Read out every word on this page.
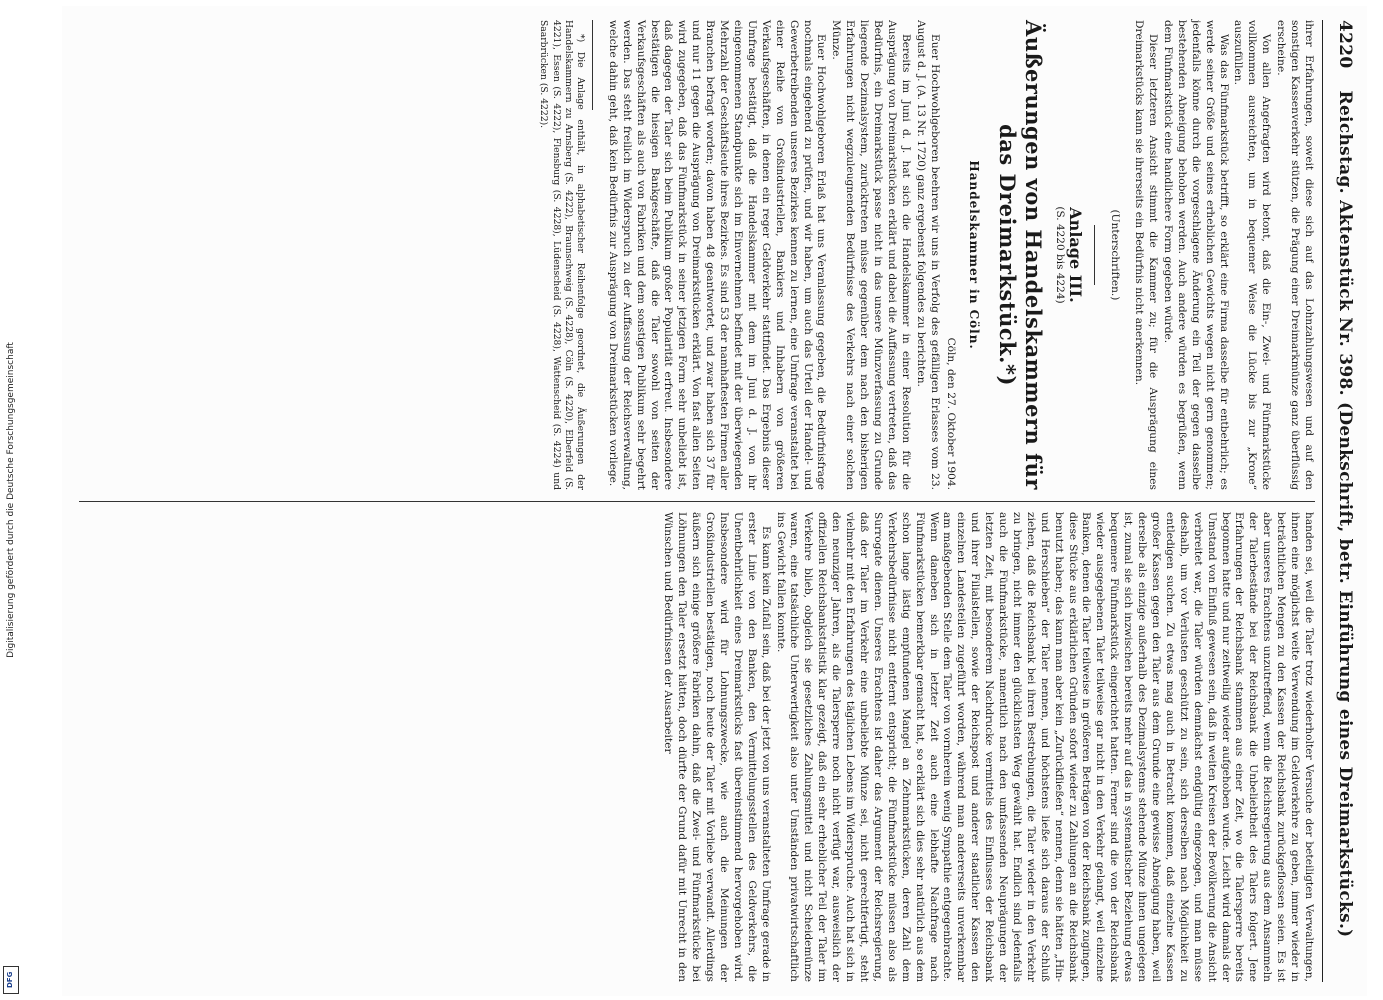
Digitalisierung gefördert durch die Deutsche Forschungsgemeinschaft
DFG
4220
Reichstag. Aktenstück Nr. 398. (Denkschrift, betr. Einführung eines Dreimarkstücks.)

ihrer Erfahrungen, soweit diese sich auf das Lohnzahlungswesen und auf den sonstigen Kassenverkehr stützen, die Prägung einer Dreimarkmünze ganz überflüssig erscheine.

Von allen Angefragten wird betont, daß die Ein-, Zwei- und Fünfmarkstücke vollkommen ausreichten, um in bequemer Weise die Lücke bis zur „Krone“ auszufüllen.

Was das Fünfmarkstück betrifft, so erklärt eine Firma dasselbe für entbehrlich; es werde seiner Größe und seines erheblichen Gewichts wegen nicht gern genommen; jedenfalls könne durch die vorgeschlagene Änderung ein Teil der gegen dasselbe bestehenden Abneigung behoben werden. Auch andere würden es begrüßen, wenn dem Fünfmarkstück eine handlichere Form gegeben würde.

Dieser letzteren Ansicht stimmt die Kammer zu; für die Ausprägung eines Dreimarkstücks kann sie ihrerseits ein Bedürfnis nicht anerkennen.

(Unterschriften.)
Anlage III.
(S. 4220 bis 4224)
Äußerungen von Handelskammern für das Dreimarkstück.*)
Handelskammer in Cöln.
Cöln, den 27. Oktober 1904.

Euer Hochwohlgeboren beehren wir uns in Verfolg des gefälligen Erlasses vom 23. August d. J. (A. 13 Nr. 1720) ganz ergebenst folgendes zu berichten.

Bereits im Juni d. J. hat sich die Handelskammer in einer Resolution für die Ausprägung von Dreimarkstücken erklärt und dabei die Auffassung vertreten, daß das Bedürfnis, ein Dreimarkstück passe nicht in das unsere Münzverfassung zu Grunde liegende Dezimalsystem, zurücktreten müsse gegenüber dem nach den bisherigen Erfahrungen nicht wegzuleugnenden Bedürfnisse des Verkehrs nach einer solchen Münze.

Euer Hochwohlgeboren Erlaß hat uns Veranlassung gegeben, die Bedürfnisfrage nochmals eingehend zu prüfen, und wir haben, um auch das Urteil der Handel- und Gewerbetreibenden unseres Bezirkes kennen zu lernen, eine Umfrage veranstaltet bei einer Reihe von Großindustriellen, Bankiers und Inhabern von größeren Verkaufsgeschäften, in denen ein reger Geldverkehr stattfindet. Das Ergebnis dieser Umfrage bestätigt, daß die Handelskammer mit dem im Juni d. J. von ihr eingenommenen Standpunkte sich im Einvernehmen befindet mit der überwiegenden Mehrzahl der Geschäftsleute ihres Bezirkes. Es sind 53 der namhaftesten Firmen aller Branchen befragt worden; davon haben 48 geantwortet, und zwar haben sich 37 für und nur 11 gegen die Ausprägung von Dreimarkstücken erklärt. Von fast allen Seiten wird zugegeben, daß das Fünfmarkstück in seiner jetzigen Form sehr unbeliebt ist, daß dagegen der Taler sich beim Publikum großer Popularität erfreut. Insbesondere bestätigen die hiesigen Bankgeschäfte, daß die Taler sowohl von seiten der Verkaufsgeschäften als auch von Fabriken und dem sonstigen Publikum sehr begehrt werden. Das steht freilich im Widerspruch zu der Auffassung der Reichsverwaltung, welche dahin geht, daß kein Bedürfnis zur Ausprägung von Dreimarkstücken vorliege.

*) Die Anlage enthält, in alphabetischer Reihenfolge geordnet, die Äußerungen der Handelskammern zu Arnsberg (S. 4222), Braunschweig (S. 4228), Cöln (S. 4220), Elberfeld (S. 4221), Essen (S. 4222), Flensburg (S. 4228), Lüdenscheid (S. 4228), Wattenscheid (S. 4224) und Saarbrücken (S. 4222).

handen sei, weil die Taler trotz wiederholter Versuche der beteiligten Verwaltungen, ihnen eine möglichst weite Verwendung im Geldverkehre zu geben, immer wieder in beträchtlichen Mengen zu den Kassen der Reichsbank zurückgeflossen seien. Es ist aber unseres Erachtens unzutreffend, wenn die Reichsregierung aus dem Ansammeln der Talerbestände bei der Reichsbank die Unbeliebtheit des Talers folgert. Jene Erfahrungen der Reichsbank stammen aus einer Zeit, wo die Talersperre bereits begonnen hatte und nur zeitweilig wieder aufgehoben wurde. Leicht wird damals der Umstand von Einfluß gewesen sein, daß in weiten Kreisen der Bevölkerung die Ansicht verbreitet war, die Taler würden demnächst endgültig eingezogen, und man müsse deshalb, um vor Verlusten geschützt zu sein, sich derselben nach Möglichkeit zu entledigen suchen. Zu etwas mag auch in Betracht kommen, daß einzelne Kassen großer Kassen gegen den Taler aus dem Grunde eine gewisse Abneigung haben, weil derselbe als einzige außerhalb des Dezimalsystems stehende Münze ihnen ungelegen ist, zumal sie sich inzwischen bereits mehr auf das in systematischer Beziehung etwas bequemere Fünfmarkstück eingerichtet hatten. Ferner sind die von der Reichsbank wieder ausgegebenen Taler teilweise gar nicht in den Verkehr gelangt, weil einzelne Banken, denen die Taler teilweise in größeren Beträgen von der Reichsbank zugingen, diese Stücke aus erklärlichen Gründen sofort wieder zu Zahlungen an die Reichsbank benutzt haben; das kann man aber kein „Zurückfließen“ nennen, denn sie hätten „Hin- und Herschieben“ der Taler nennen, und höchstens ließe sich daraus der Schluß ziehen, daß die Reichsbank bei ihren Bestrebungen, die Taler wieder in den Verkehr zu bringen, nicht immer den glücklichsten Weg gewählt hat. Endlich sind jedenfalls auch die Fünfmarkstücke, namentlich nach den umfassenden Neuprägungen der letzten Zeit, mit besonderem Nachdrucke vermittels des Einflusses der Reichsbank und ihrer Filialstellen, sowie der Reichspost und anderer staatlicher Kassen den einzelnen Landesteilen zugeführt worden, während man andererseits unverkennbar am maßgebenden Stelle dem Taler von vornherein wenig Sympathie entgegenbrachte. Wenn daneben sich in letzter Zeit auch eine lebhafte Nachfrage nach Fünfmarkstücken bemerkbar gemacht hat, so erklärt sich dies sehr natürlich aus dem schon lange lästig empfundenen Mangel an Zehnmarkstücken, deren Zahl dem Verkehrsbedürfnisse nicht entfernt entspricht; die Fünfmarkstücke müssen also als Surrogate dienen. Unseres Erachtens ist daher das Argument der Reichsregierung, daß der Taler im Verkehr eine unbeliebte Münze sei, nicht gerechtfertigt, steht vielmehr mit den Erfahrungen des täglichen Lebens im Widerspruche. Auch hat sich in den neunziger Jahren, als die Talersperre noch nicht verfügt war, ausweislich der offiziellen Reichsbankstatistik klar gezeigt, daß ein sehr erheblicher Teil der Taler im Verkehre blieb, obgleich sie gesetzliches Zahlungsmittel und nicht Scheidemünze waren, eine tatsächliche Unterwertigkeit also unter Umständen privatwirtschaftlich ins Gewicht fallen konnte.

Es kann kein Zufall sein, daß bei der jetzt von uns veranstalteten Umfrage gerade in erster Linie von den Banken, den Vermittelungsstellen des Geldverkehrs, die Unentbehrlichkeit eines Dreimarkstücks fast übereinstimmend hervorgehoben wird. Insbesondere wird für Lohnungszwecke, wie auch die Meinungen der Großindustriellen bestätigen, noch heute der Taler mit Vorliebe verwandt. Allerdings äußern sich einige größere Fabriken dahin, daß die Zwei- und Fünfmarkstücke bei Löhnungen den Taler ersetzt hätten, doch dürfte der Grund dafür mit Unrecht in den Wünschen und Bedürfnissen der Ausarbeiter
